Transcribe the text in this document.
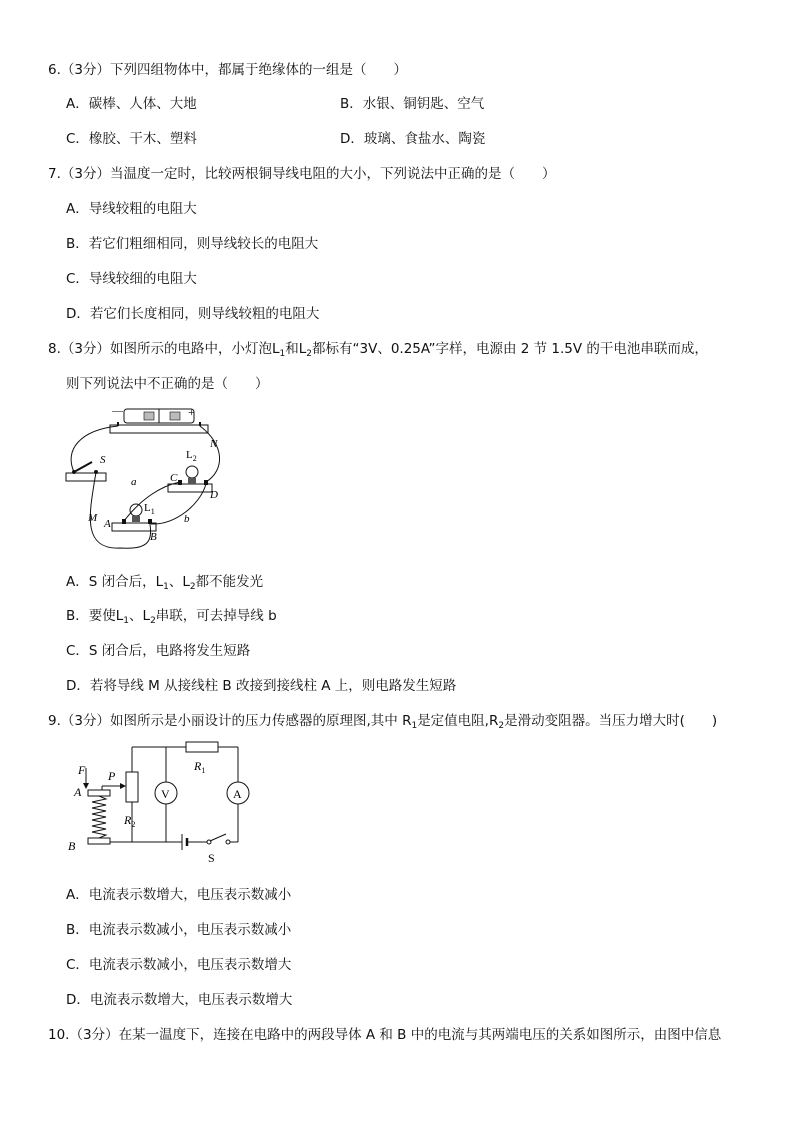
6.（3分）下列四组物体中，都属于绝缘体的一组是（　　）
A．碳棒、人体、大地	B．水银、铜钥匙、空气
C．橡胶、干木、塑料	D．玻璃、食盐水、陶瓷
7.（3分）当温度一定时，比较两根铜导线电阻的大小，下列说法中正确的是（　　）
A．导线较粗的电阻大
B．若它们粗细相同，则导线较长的电阻大
C．导线较细的电阻大
D．若它们长度相同，则导线较粗的电阻大
8.（3分）如图所示的电路中，小灯泡$L_1$和$L_2$都标有“3V、0.25A”字样，电源由 2 节 1.5V 的干电池串联而成，
则下列说法中不正确的是（　　）
—	+
S	$L_2$
C
D
$L_1$
A
B
N
M
a
b
A．S 闭合后，$L_1$、$L_2$都不能发光
B．要使$L_1$、$L_2$串联，可去掉导线 b
C．S 闭合后，电路将发生短路
D．若将导线 M 从接线柱 B 改接到接线柱 A 上，则电路发生短路
9.（3分）如图所示是小丽设计的压力传感器的原理图,其中 $R_1$是定值电阻$,R_2$是滑动变阻器。当压力增大时(　　)
$R_1$
A
V
$R_2$
P
A
F
B
S
A．电流表示数增大，电压表示数减小
B．电流表示数减小，电压表示数减小
C．电流表示数减小，电压表示数增大
D．电流表示数增大，电压表示数增大
10.（3分）在某一温度下，连接在电路中的两段导体 A 和 B 中的电流与其两端电压的关系如图所示，由图中信息
